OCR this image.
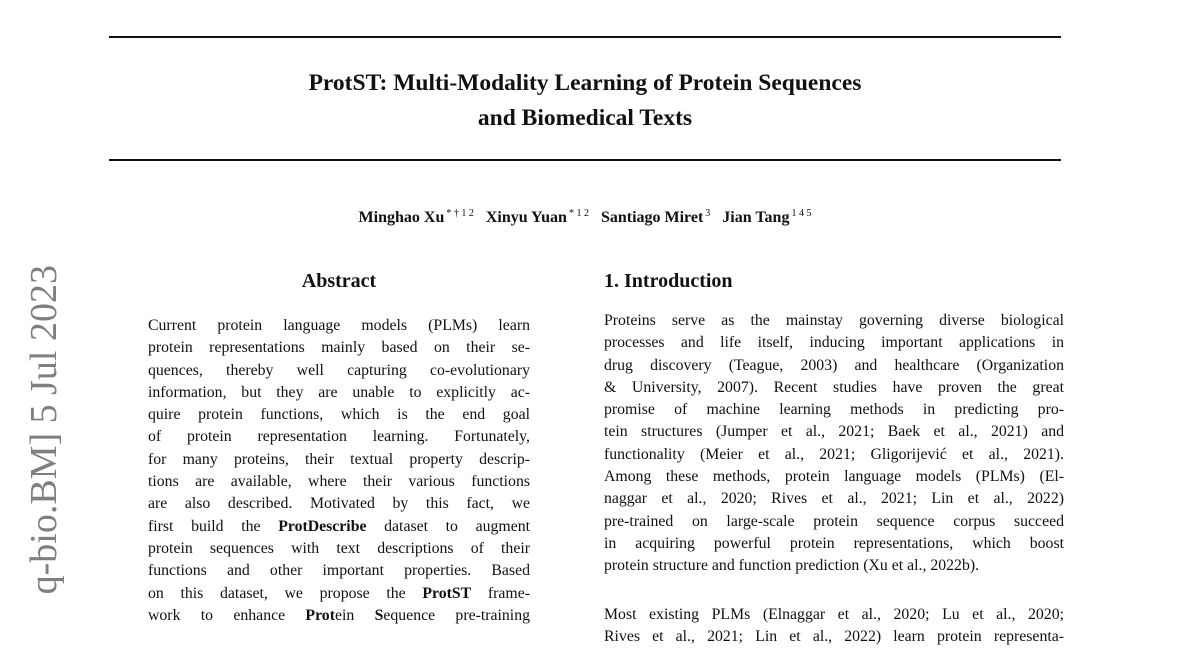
q-bio.BM] 5 Jul 2023
ProtST: Multi-Modality Learning of Protein Sequences
and Biomedical Texts
Minghao Xu $^{* \dagger 1 2}$ Xinyu Yuan $^{* 1 2}$ Santiago Miret $^3$ Jian Tang $^{1 4 5}$
Abstract
Current protein language models (PLMs) learn
protein representations mainly based on their se-
quences, thereby well capturing co-evolutionary
information, but they are unable to explicitly ac-
quire protein functions, which is the end goal
of protein representation learning. Fortunately,
for many proteins, their textual property descrip-
tions are available, where their various functions
are also described. Motivated by this fact, we
first build the ProtDescribe dataset to augment
protein sequences with text descriptions of their
functions and other important properties. Based
on this dataset, we propose the ProtST frame-
work to enhance Protein Sequence pre-training
1. Introduction
Proteins serve as the mainstay governing diverse biological
processes and life itself, inducing important applications in
drug discovery (Teague, 2003) and healthcare (Organization
& University, 2007). Recent studies have proven the great
promise of machine learning methods in predicting pro-
tein structures (Jumper et al., 2021; Baek et al., 2021) and
functionality (Meier et al., 2021; Gligorijević et al., 2021).
Among these methods, protein language models (PLMs) (El-
naggar et al., 2020; Rives et al., 2021; Lin et al., 2022)
pre-trained on large-scale protein sequence corpus succeed
in acquiring powerful protein representations, which boost
protein structure and function prediction (Xu et al., 2022b).
Most existing PLMs (Elnaggar et al., 2020; Lu et al., 2020;
Rives et al., 2021; Lin et al., 2022) learn protein representa-
